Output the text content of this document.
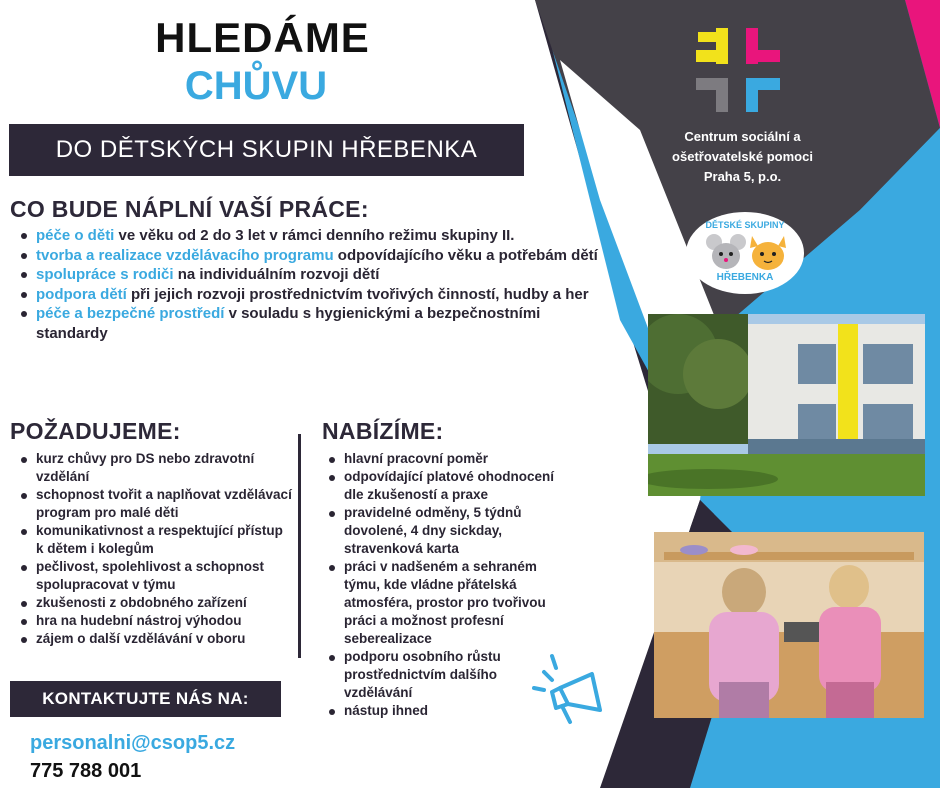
HLEDÁME
CHŮVU
DO DĚTSKÝCH SKUPIN HŘEBENKA
CO BUDE NÁPLNÍ VAŠÍ PRÁCE:
péče o děti ve věku od 2 do 3 let v rámci denního režimu skupiny II.
tvorba a realizace vzdělávacího programu odpovídajícího věku a potřebám dětí
spolupráce s rodiči na individuálním rozvoji dětí
podpora dětí při jejich rozvoji prostřednictvím tvořivých činností, hudby a her
péče a bezpečné prostředí v souladu s hygienickými a bezpečnostními standardy
POŽADUJEME:
kurz chůvy pro DS nebo zdravotní vzdělání
schopnost tvořit a naplňovat vzdělávací program pro malé děti
komunikativnost a respektující přístup k dětem i kolegům
pečlivost, spolehlivost a schopnost spolupracovat v týmu
zkušenosti z obdobného zařízení
hra na hudební nástroj výhodou
zájem o další vzdělávání v oboru
NABÍZÍME:
hlavní pracovní poměr
odpovídající platové ohodnocení dle zkušeností a praxe
pravidelné odměny, 5 týdnů dovolené, 4 dny sickday, stravenková karta
práci v nadšeném a sehraném týmu, kde vládne přátelská atmosféra, prostor pro tvořivou práci a možnost profesní seberealizace
podporu osobního růstu prostřednictvím dalšího vzdělávání
nástup ihned
KONTAKTUJTE NÁS NA:
personalni@csop5.cz
775 788 001
Centrum sociální a
ošetřovatelské pomoci
Praha 5, p.o.
DĚTSKÉ SKUPINY
HŘEBENKA
